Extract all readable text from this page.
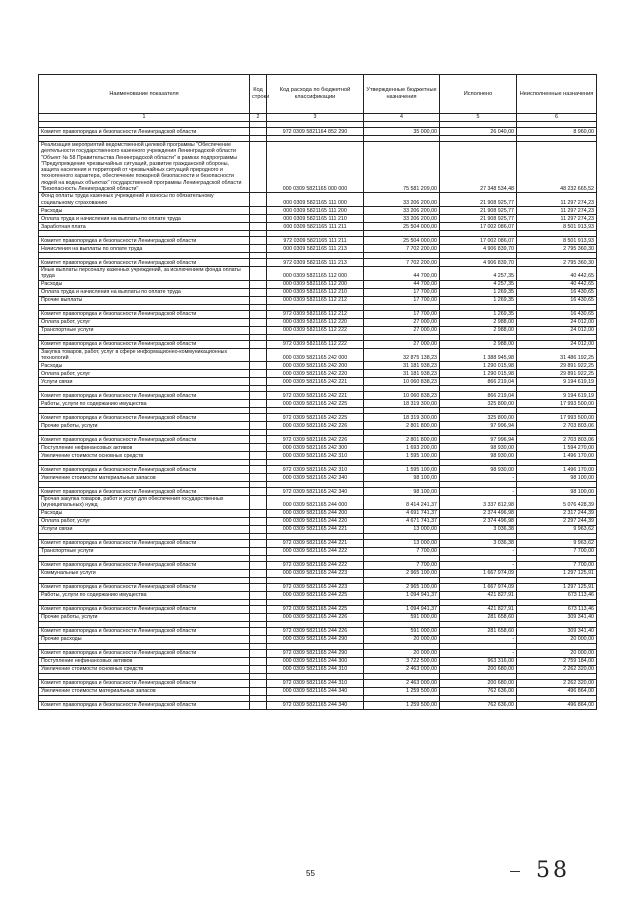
Наименование показателя	Код строки	Код расхода по бюджетной классификации	Утвержденные бюджетные назначения	Исполнено	Неисполненные назначения
1	2	3	4	5	6

Комитет правопорядка и безопасности Ленинградской области		972 0309 5821164 852 290	35 000,00	26 040,00	8 960,00

Реализация мероприятий ведомственной целевой программы "Обеспечение деятельности государственного казенного учреждения Ленинградской области "Объект № 58 Правительства Ленинградской области" в рамках подпрограммы "Предупреждение чрезвычайных ситуаций, развитие гражданской обороны, защита населения и территорий от чрезвычайных ситуаций природного и техногенного характера, обеспечение пожарной безопасности и безопасности людей на водных объектах" государственной программы Ленинградской области "Безопасность Ленинградской области"		000 0309 5821165 000 000	75 581 209,00	27 348 534,48	48 232 665,52
Фонд оплаты труда казенных учреждений и взносы по обязательному социальному страхованию		000 0309 5821165 111 000	33 206 200,00	21 908 925,77	11 297 274,23
Расходы		000 0309 5821165 111 200	33 206 200,00	21 908 925,77	11 297 274,23
Оплата труда и начисления на выплаты по оплате труда		000 0309 5821165 111 210	33 206 200,00	21 908 925,77	11 297 274,23
Заработная плата		000 0309 5821165 111 211	25 504 000,00	17 002 086,07	8 501 913,93

Комитет правопорядка и безопасности Ленинградской области		972 0309 5821165 111 211	25 504 000,00	17 002 086,07	8 501 913,93
Начисления на выплаты по оплате труда		000 0309 5821165 111 213	7 702 200,00	4 906 839,70	2 795 360,30

Комитет правопорядка и безопасности Ленинградской области		972 0309 5821165 111 213	7 702 200,00	4 906 839,70	2 795 360,30
Иные выплаты персоналу казенных учреждений, за исключением фонда оплаты труда		000 0309 5821165 112 000	44 700,00	4 257,35	40 442,65
Расходы		000 0309 5821165 112 200	44 700,00	4 257,35	40 442,65
Оплата труда и начисления на выплаты по оплате труда		000 0309 5821165 112 210	17 700,00	1 269,35	16 430,65
Прочие выплаты		000 0309 5821165 112 212	17 700,00	1 269,35	16 430,65

Комитет правопорядка и безопасности Ленинградской области		972 0309 5821165 112 212	17 700,00	1 269,35	16 430,65
Оплата работ, услуг		000 0309 5821165 112 220	27 000,00	2 988,00	24 012,00
Транспортные услуги		000 0309 5821165 112 222	27 000,00	2 988,00	24 012,00

Комитет правопорядка и безопасности Ленинградской области		972 0309 5821165 112 222	27 000,00	2 988,00	24 012,00
Закупка товаров, работ, услуг в сфере информационно-коммуникационных технологий		000 0309 5821165 242 000	32 875 138,23	1 388 945,98	31 486 192,25
Расходы		000 0309 5821165 242 200	31 181 938,23	1 290 015,98	29 891 922,25
Оплата работ, услуг		000 0309 5821165 242 220	31 181 938,23	1 290 015,98	29 891 922,25
Услуги связи		000 0309 5821165 242 221	10 060 838,23	866 219,04	9 194 619,19

Комитет правопорядка и безопасности Ленинградской области		972 0309 5821165 242 221	10 060 838,23	866 219,04	9 194 619,19
Работы, услуги по содержанию имущества		000 0309 5821165 242 225	18 319 300,00	325 800,00	17 993 500,00

Комитет правопорядка и безопасности Ленинградской области		972 0309 5821165 242 225	18 319 300,00	325 800,00	17 993 500,00
Прочие работы, услуги		000 0309 5821165 242 226	2 801 800,00	97 996,94	2 703 803,06

Комитет правопорядка и безопасности Ленинградской области		972 0309 5821165 242 226	2 801 800,00	97 996,94	2 703 803,06
Поступление нефинансовых активов		000 0309 5821165 242 300	1 693 200,00	98 930,00	1 594 270,00
Увеличение стоимости основных средств		000 0309 5821165 242 310	1 595 100,00	98 930,00	1 496 170,00

Комитет правопорядка и безопасности Ленинградской области		972 0309 5821165 242 310	1 595 100,00	98 930,00	1 496 170,00
Увеличение стоимости материальных запасов		000 0309 5821165 242 340	98 100,00	-	98 100,00

Комитет правопорядка и безопасности Ленинградской области		972 0309 5821165 242 340	98 100,00	-	98 100,00
Прочая закупка товаров, работ и услуг для обеспечения государственных (муниципальных) нужд		000 0309 5821165 244 000	8 414 241,37	3 337 812,98	5 076 428,39
Расходы		000 0309 5821165 244 200	4 691 741,37	2 374 496,98	2 317 244,39
Оплата работ, услуг		000 0309 5821165 244 220	4 671 741,37	2 374 496,98	2 297 244,39
Услуги связи		000 0309 5821165 244 221	13 000,00	3 036,38	9 963,62

Комитет правопорядка и безопасности Ленинградской области		972 0309 5821165 244 221	13 000,00	3 036,38	9 963,62
Транспортные услуги		000 0309 5821165 244 222	7 700,00	-	7 700,00

Комитет правопорядка и безопасности Ленинградской области		972 0309 5821165 244 222	7 700,00	-	7 700,00
Коммунальные услуги		000 0309 5821165 244 223	2 965 100,00	1 667 974,09	1 297 125,91

Комитет правопорядка и безопасности Ленинградской области		972 0309 5821165 244 223	2 965 100,00	1 667 974,09	1 297 125,91
Работы, услуги по содержанию имущества		000 0309 5821165 244 225	1 094 941,37	421 827,91	673 113,46

Комитет правопорядка и безопасности Ленинградской области		972 0309 5821165 244 225	1 094 941,37	421 827,91	673 113,46
Прочие работы, услуги		000 0309 5821165 244 226	591 000,00	281 658,60	309 341,40

Комитет правопорядка и безопасности Ленинградской области		972 0309 5821165 244 226	591 000,00	281 658,60	309 341,40
Прочие расходы		000 0309 5821165 244 290	20 000,00	-	20 000,00

Комитет правопорядка и безопасности Ленинградской области		972 0309 5821165 244 290	20 000,00	-	20 000,00
Поступление нефинансовых активов		000 0309 5821165 244 300	3 722 500,00	963 316,00	2 759 184,00
Увеличение стоимости основных средств		000 0309 5821165 244 310	2 463 000,00	200 680,00	2 262 320,00

Комитет правопорядка и безопасности Ленинградской области		972 0309 5821165 244 310	2 463 000,00	200 680,00	2 262 320,00
Увеличение стоимости материальных запасов		000 0309 5821165 244 340	1 259 500,00	762 636,00	496 864,00

Комитет правопорядка и безопасности Ленинградской области		972 0309 5821165 244 340	1 259 500,00	762 636,00	496 864,00
55	58
